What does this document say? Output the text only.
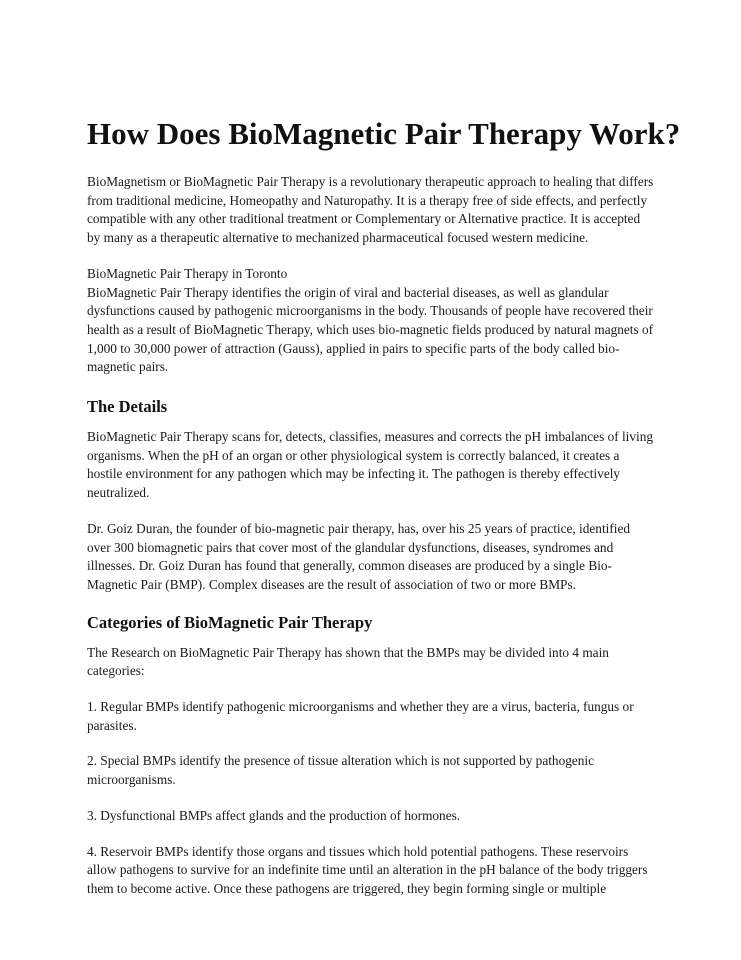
How Does BioMagnetic Pair Therapy Work?

BioMagnetism or BioMagnetic Pair Therapy is a revolutionary therapeutic approach to healing that differs from traditional medicine, Homeopathy and Naturopathy. It is a therapy free of side effects, and perfectly compatible with any other traditional treatment or Complementary or Alternative practice. It is accepted by many as a therapeutic alternative to mechanized pharmaceutical focused western medicine.

BioMagnetic Pair Therapy in Toronto

BioMagnetic Pair Therapy identifies the origin of viral and bacterial diseases, as well as glandular dysfunctions caused by pathogenic microorganisms in the body. Thousands of people have recovered their health as a result of BioMagnetic Therapy, which uses bio-magnetic fields produced by natural magnets of 1,000 to 30,000 power of attraction (Gauss), applied in pairs to specific parts of the body called bio-magnetic pairs.

The Details

BioMagnetic Pair Therapy scans for, detects, classifies, measures and corrects the pH imbalances of living organisms. When the pH of an organ or other physiological system is correctly balanced, it creates a hostile environment for any pathogen which may be infecting it. The pathogen is thereby effectively neutralized.

Dr. Goiz Duran, the founder of bio-magnetic pair therapy, has, over his 25 years of practice, identified over 300 biomagnetic pairs that cover most of the glandular dysfunctions, diseases, syndromes and illnesses. Dr. Goiz Duran has found that generally, common diseases are produced by a single Bio-Magnetic Pair (BMP). Complex diseases are the result of association of two or more BMPs.

Categories of BioMagnetic Pair Therapy

The Research on BioMagnetic Pair Therapy has shown that the BMPs may be divided into 4 main categories:

1. Regular BMPs identify pathogenic microorganisms and whether they are a virus, bacteria, fungus or parasites.

2. Special BMPs identify the presence of tissue alteration which is not supported by pathogenic microorganisms.

3. Dysfunctional BMPs affect glands and the production of hormones.

4. Reservoir BMPs identify those organs and tissues which hold potential pathogens. These reservoirs allow pathogens to survive for an indefinite time until an alteration in the pH balance of the body triggers them to become active. Once these pathogens are triggered, they begin forming single or multiple
